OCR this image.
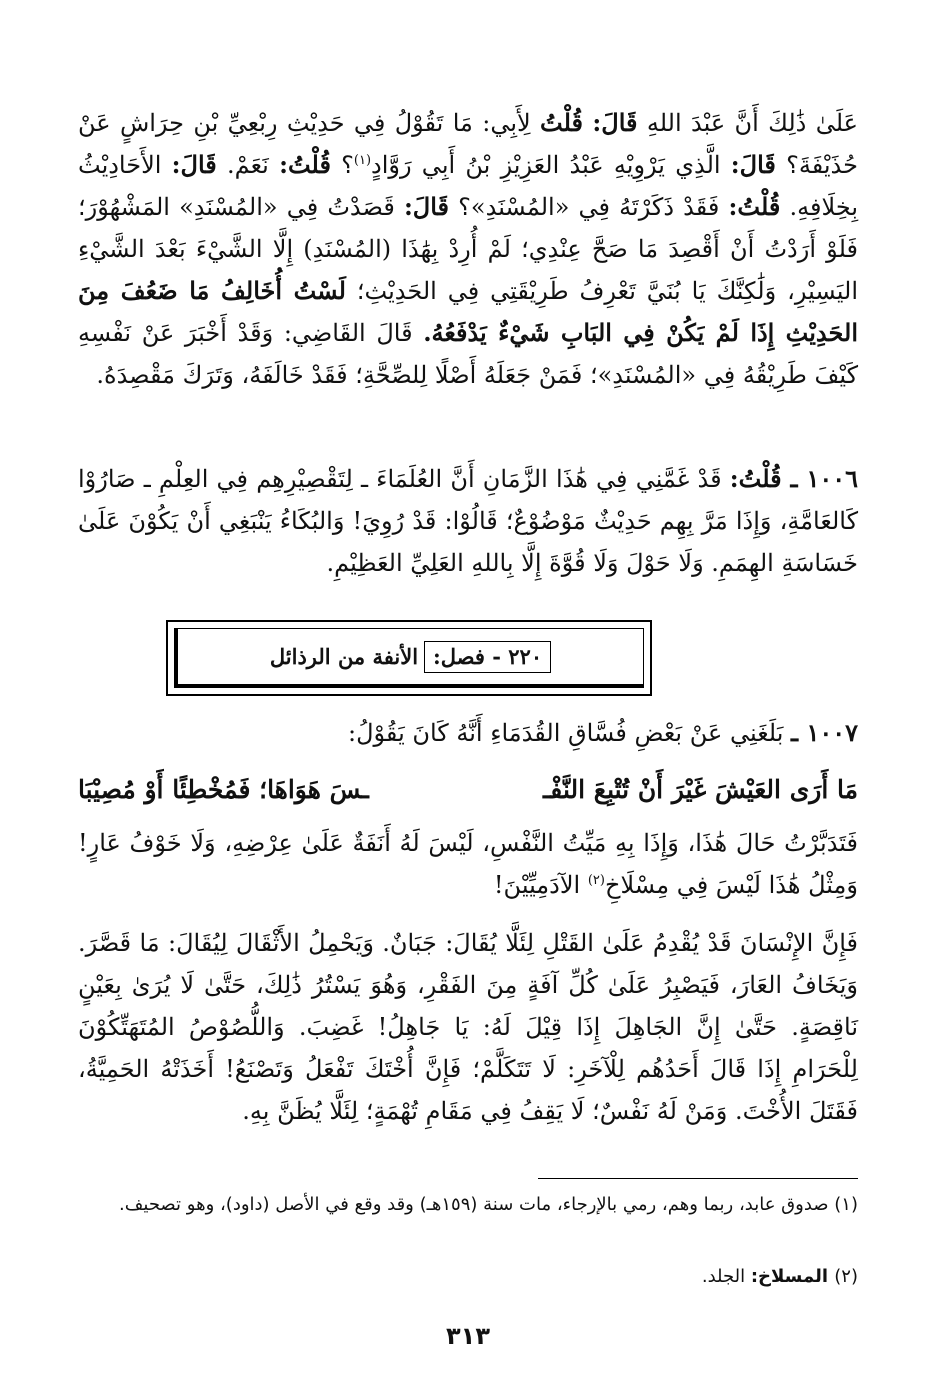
عَلَىٰ ذَٰلِكَ أَنَّ عَبْدَ اللهِ قَالَ: قُلْتُ لِأَبِي: مَا تَقُوْلُ فِي حَدِيْثِ رِبْعِيِّ بْنِ حِرَاشٍ عَنْ حُذَيْفَةَ؟ قَالَ: الَّذِي يَرْوِيْهِ عَبْدُ العَزِيْزِ بْنُ أَبِي رَوَّادٍ$^{(١)}$؟ قُلْتُ: نَعَمْ. قَالَ: الأَحَادِيْثُ بِخِلَافِهِ. قُلْتُ: فَقَدْ ذَكَرْتَهُ فِي «المُسْنَدِ»؟ قَالَ: قَصَدْتُ فِي «المُسْنَدِ» المَشْهُوْرَ؛ فَلَوْ أَرَدْتُ أَنْ أَقْصِدَ مَا صَحَّ عِنْدِي؛ لَمْ أُرِدْ بِهَٰذَا (المُسْنَدِ) إِلَّا الشَّيْءَ بَعْدَ الشَّيْءِ اليَسِيْرِ، وَلَٰكِنَّكَ يَا بُنَيَّ تَعْرِفُ طَرِيْقَتِي فِي الحَدِيْثِ؛ لَسْتُ أُخَالِفُ مَا ضَعُفَ مِنَ الحَدِيْثِ إِذَا لَمْ يَكُنْ فِي البَابِ شَيْءٌ يَدْفَعُهُ. قَالَ القَاضِي: وَقَدْ أَخْبَرَ عَنْ نَفْسِهِ كَيْفَ طَرِيْقُهُ فِي «المُسْنَدِ»؛ فَمَنْ جَعَلَهُ أَصْلًا لِلصِّحَّةِ؛ فَقَدْ خَالَفَهُ، وَتَرَكَ مَقْصِدَهُ.

١٠٠٦ ـ قُلْتُ: قَدْ غَمَّنِي فِي هَٰذَا الزَّمَانِ أَنَّ العُلَمَاءَ ـ لِتَقْصِيْرِهِم فِي العِلْمِ ـ صَارُوْا كَالعَامَّةِ، وَإِذَا مَرَّ بِهِم حَدِيْثٌ مَوْضُوْعٌ؛ قَالُوْا: قَدْ رُوِيَ! وَالبُكَاءُ يَنْبَغِي أَنْ يَكُوْنَ عَلَىٰ خَسَاسَةِ الهِمَمِ. وَلَا حَوْلَ وَلَا قُوَّةَ إِلَّا بِاللهِ العَلِيِّ العَظِيْمِ.

٢٢٠ - فصل:
الأنفة من الرذائل

١٠٠٧ ـ بَلَغَنِي عَنْ بَعْضِ فُسَّاقِ القُدَمَاءِ أَنَّهُ كَانَ يَقُوْلُ:

مَا أَرَى العَيْشَ غَيْرَ أَنْ تُتْبِعَ النَّفْـ
ـسَ هَوَاهَا؛ فَمُخْطِئًا أَوْ مُصِيْبَا

فَتَدَبَّرْتُ حَالَ هَٰذَا، وَإِذَا بِهِ مَيِّتُ النَّفْسِ، لَيْسَ لَهُ أَنَفَةٌ عَلَىٰ عِرْضِهِ، وَلَا خَوْفُ عَارٍ! وَمِثْلُ هَٰذَا لَيْسَ فِي مِسْلَاخِ$^{(٢)}$ الآدَمِيِّيْنَ!

فَإِنَّ الإِنْسَانَ قَدْ يُقْدِمُ عَلَىٰ القَتْلِ لِئَلَّا يُقَالَ: جَبَانٌ. وَيَحْمِلُ الأَثْقَالَ لِيُقَالَ: مَا قَصَّرَ. وَيَخَافُ العَارَ، فَيَصْبِرُ عَلَىٰ كُلِّ آفَةٍ مِنَ الفَقْرِ، وَهُوَ يَسْتُرُ ذَٰلِكَ، حَتَّىٰ لَا يُرَىٰ بِعَيْنٍ نَاقِصَةٍ. حَتَّىٰ إِنَّ الجَاهِلَ إِذَا قِيْلَ لَهُ: يَا جَاهِلُ! غَضِبَ. وَاللُّصُوْصُ المُتَهَتِّكُوْنَ لِلْحَرَامِ إِذَا قَالَ أَحَدُهُم لِلْآخَرِ: لَا تَتَكَلَّمْ؛ فَإِنَّ أُخْتَكَ تَفْعَلُ وَتَصْنَعُ! أَخَذَتْهُ الحَمِيَّةُ، فَقَتَلَ الأُخْتَ. وَمَنْ لَهُ نَفْسٌ؛ لَا يَقِفُ فِي مَقَامِ تُهْمَةٍ؛ لِئَلَّا يُظَنَّ بِهِ.

(١) صدوق عابد، ربما وهم، رمي بالإرجاء، مات سنة (١٥٩هـ) وقد وقع في الأصل (داود)، وهو تصحيف.
(٢) المسلاخ: الجلد.
٣١٣
